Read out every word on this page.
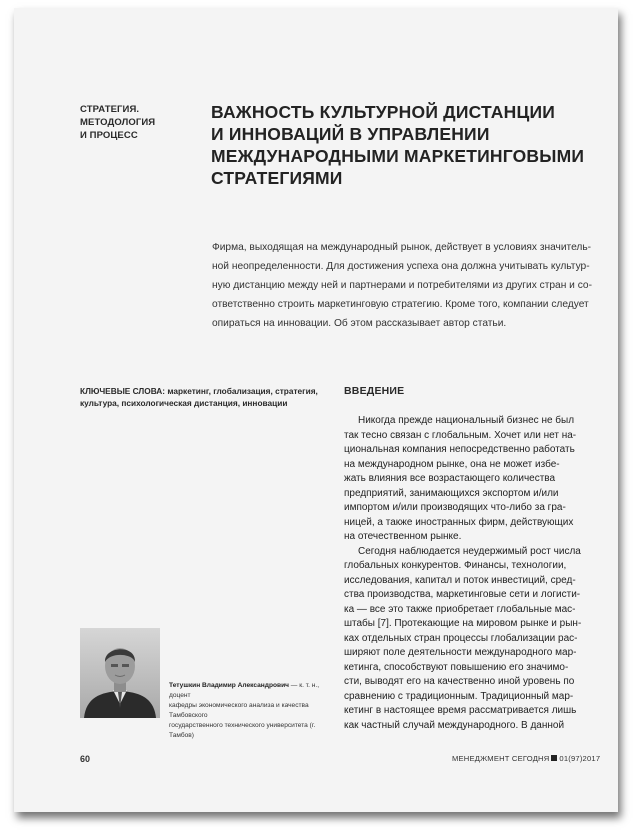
СТРАТЕГИЯ.
МЕТОДОЛОГИЯ
И ПРОЦЕСС
ВАЖНОСТЬ КУЛЬТУРНОЙ ДИСТАНЦИИ
И ИННОВАЦИЙ В УПРАВЛЕНИИ
МЕЖДУНАРОДНЫМИ МАРКЕТИНГОВЫМИ
СТРАТЕГИЯМИ

Фирма, выходящая на международный рынок, действует в условиях значитель-

ной неопределенности. Для достижения успеха она должна учитывать культур-

ную дистанцию между ней и партнерами и потребителями из других стран и со-

ответственно строить маркетинговую стратегию. Кроме того, компании следует

опираться на инновации. Об этом рассказывает автор статьи.

КЛЮЧЕВЫЕ СЛОВА: маркетинг, глобализация, стратегия,
культура, психологическая дистанция, инновации
ВВЕДЕНИЕ

Никогда прежде национальный бизнес не был
так тесно связан с глобальным. Хочет или нет на-
циональная компания непосредственно работать
на международном рынке, она не может избе-
жать влияния все возрастающего количества
предприятий, занимающихся экспортом и/или
импортом и/или производящих что-либо за гра-
ницей, а также иностранных фирм, действующих
на отечественном рынке.

Сегодня наблюдается неудержимый рост числа
глобальных конкурентов. Финансы, технологии,
исследования, капитал и поток инвестиций, сред-
ства производства, маркетинговые сети и логисти-
ка — все это также приобретает глобальные мас-
штабы [7]. Протекающие на мировом рынке и рын-
ках отдельных стран процессы глобализации рас-
ширяют поле деятельности международного мар-
кетинга, способствуют повышению его значимо-
сти, выводят его на качественно иной уровень по
сравнению с традиционным. Традиционный мар-
кетинг в настоящее время рассматривается лишь
как частный случай международного. В данной

Тетушкин Владимир Александрович — к. т. н., доцент
кафедры экономического анализа и качества Тамбовского
государственного технического университета (г. Тамбов)
60	МЕНЕДЖМЕНТ СЕГОДНЯ 01(97)2017
